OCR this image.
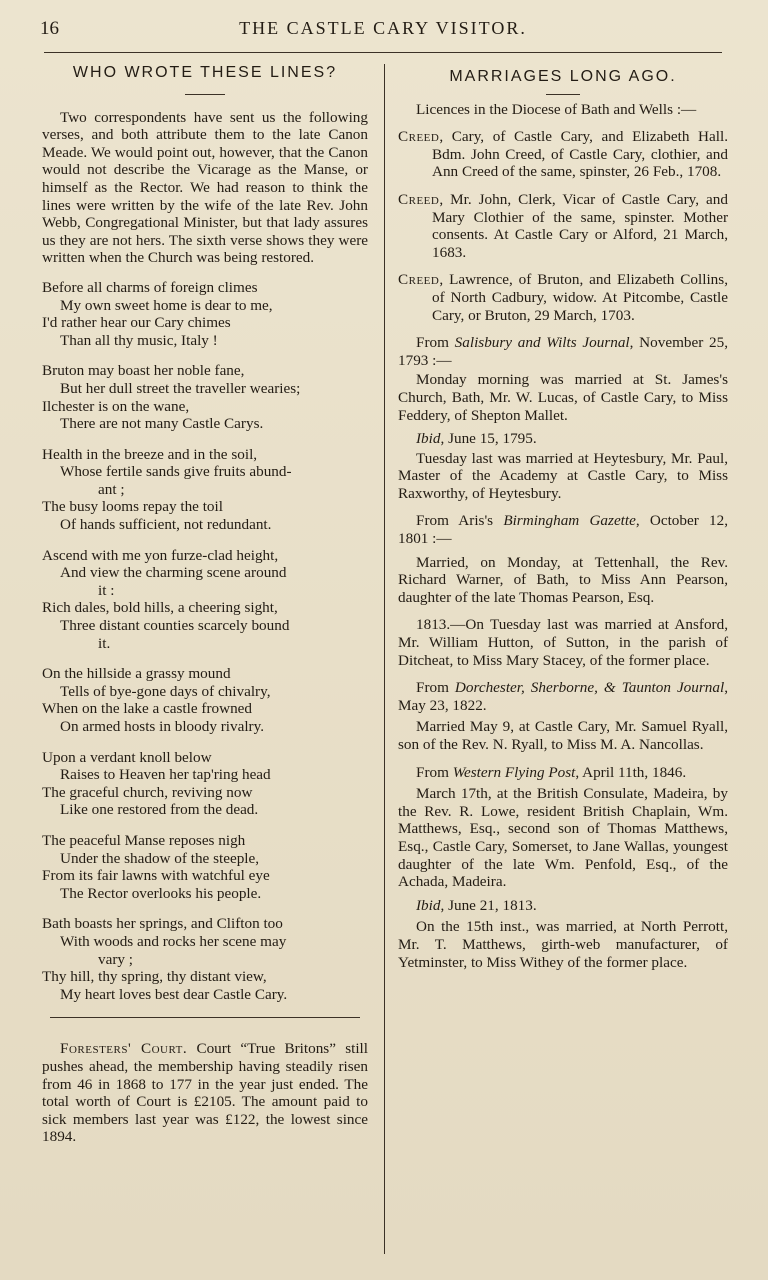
16	THE CASTLE CARY VISITOR.
WHO WROTE THESE LINES?

Two correspondents have sent us the following verses, and both attribute them to the late Canon Meade. We would point out, however, that the Canon would not describe the Vicarage as the Manse, or himself as the Rector. We had reason to think the lines were written by the wife of the late Rev. John Webb, Congregational Minister, but that lady assures us they are not hers. The sixth verse shows they were written when the Church was being restored.

Before all charms of foreign climes
My own sweet home is dear to me,
I'd rather hear our Cary chimes
Than all thy music, Italy !
Bruton may boast her noble fane,
But her dull street the traveller wearies;
Ilchester is on the wane,
There are not many Castle Carys.
Health in the breeze and in the soil,
Whose fertile sands give fruits abund-
ant ;
The busy looms repay the toil
Of hands sufficient, not redundant.
Ascend with me yon furze-clad height,
And view the charming scene around
it :
Rich dales, bold hills, a cheering sight,
Three distant counties scarcely bound
it.
On the hillside a grassy mound
Tells of bye-gone days of chivalry,
When on the lake a castle frowned
On armed hosts in bloody rivalry.
Upon a verdant knoll below
Raises to Heaven her tap'ring head
The graceful church, reviving now
Like one restored from the dead.
The peaceful Manse reposes nigh
Under the shadow of the steeple,
From its fair lawns with watchful eye
The Rector overlooks his people.
Bath boasts her springs, and Clifton too
With woods and rocks her scene may
vary ;
Thy hill, thy spring, thy distant view,
My heart loves best dear Castle Cary.

Foresters' Court. Court “True Britons” still pushes ahead, the membership having steadily risen from 46 in 1868 to 177 in the year just ended. The total worth of Court is £2105. The amount paid to sick members last year was £122, the lowest since 1894.

MARRIAGES LONG AGO.

Licences in the Diocese of Bath and Wells :—

Creed, Cary, of Castle Cary, and Elizabeth Hall. Bdm. John Creed, of Castle Cary, clothier, and Ann Creed of the same, spinster, 26 Feb., 1708.

Creed, Mr. John, Clerk, Vicar of Castle Cary, and Mary Clothier of the same, spinster. Mother consents. At Castle Cary or Alford, 21 March, 1683.

Creed, Lawrence, of Bruton, and Elizabeth Collins, of North Cadbury, widow. At Pitcombe, Castle Cary, or Bruton, 29 March, 1703.

From Salisbury and Wilts Journal, November 25, 1793 :—

Monday morning was married at St. James's Church, Bath, Mr. W. Lucas, of Castle Cary, to Miss Feddery, of Shepton Mallet.

Ibid, June 15, 1795.

Tuesday last was married at Heytesbury, Mr. Paul, Master of the Academy at Castle Cary, to Miss Raxworthy, of Heytesbury.

From Aris's Birmingham Gazette, October 12, 1801 :—

Married, on Monday, at Tettenhall, the Rev. Richard Warner, of Bath, to Miss Ann Pearson, daughter of the late Thomas Pearson, Esq.

1813.—On Tuesday last was married at Ansford, Mr. William Hutton, of Sutton, in the parish of Ditcheat, to Miss Mary Stacey, of the former place.

From Dorchester, Sherborne, & Taunton Journal, May 23, 1822.

Married May 9, at Castle Cary, Mr. Samuel Ryall, son of the Rev. N. Ryall, to Miss M. A. Nancollas.

From Western Flying Post, April 11th, 1846.

March 17th, at the British Consulate, Madeira, by the Rev. R. Lowe, resident British Chaplain, Wm. Matthews, Esq., second son of Thomas Matthews, Esq., Castle Cary, Somerset, to Jane Wallas, youngest daughter of the late Wm. Penfold, Esq., of the Achada, Madeira.

Ibid, June 21, 1813.

On the 15th inst., was married, at North Perrott, Mr. T. Matthews, girth-web manufacturer, of Yetminster, to Miss Withey of the former place.
